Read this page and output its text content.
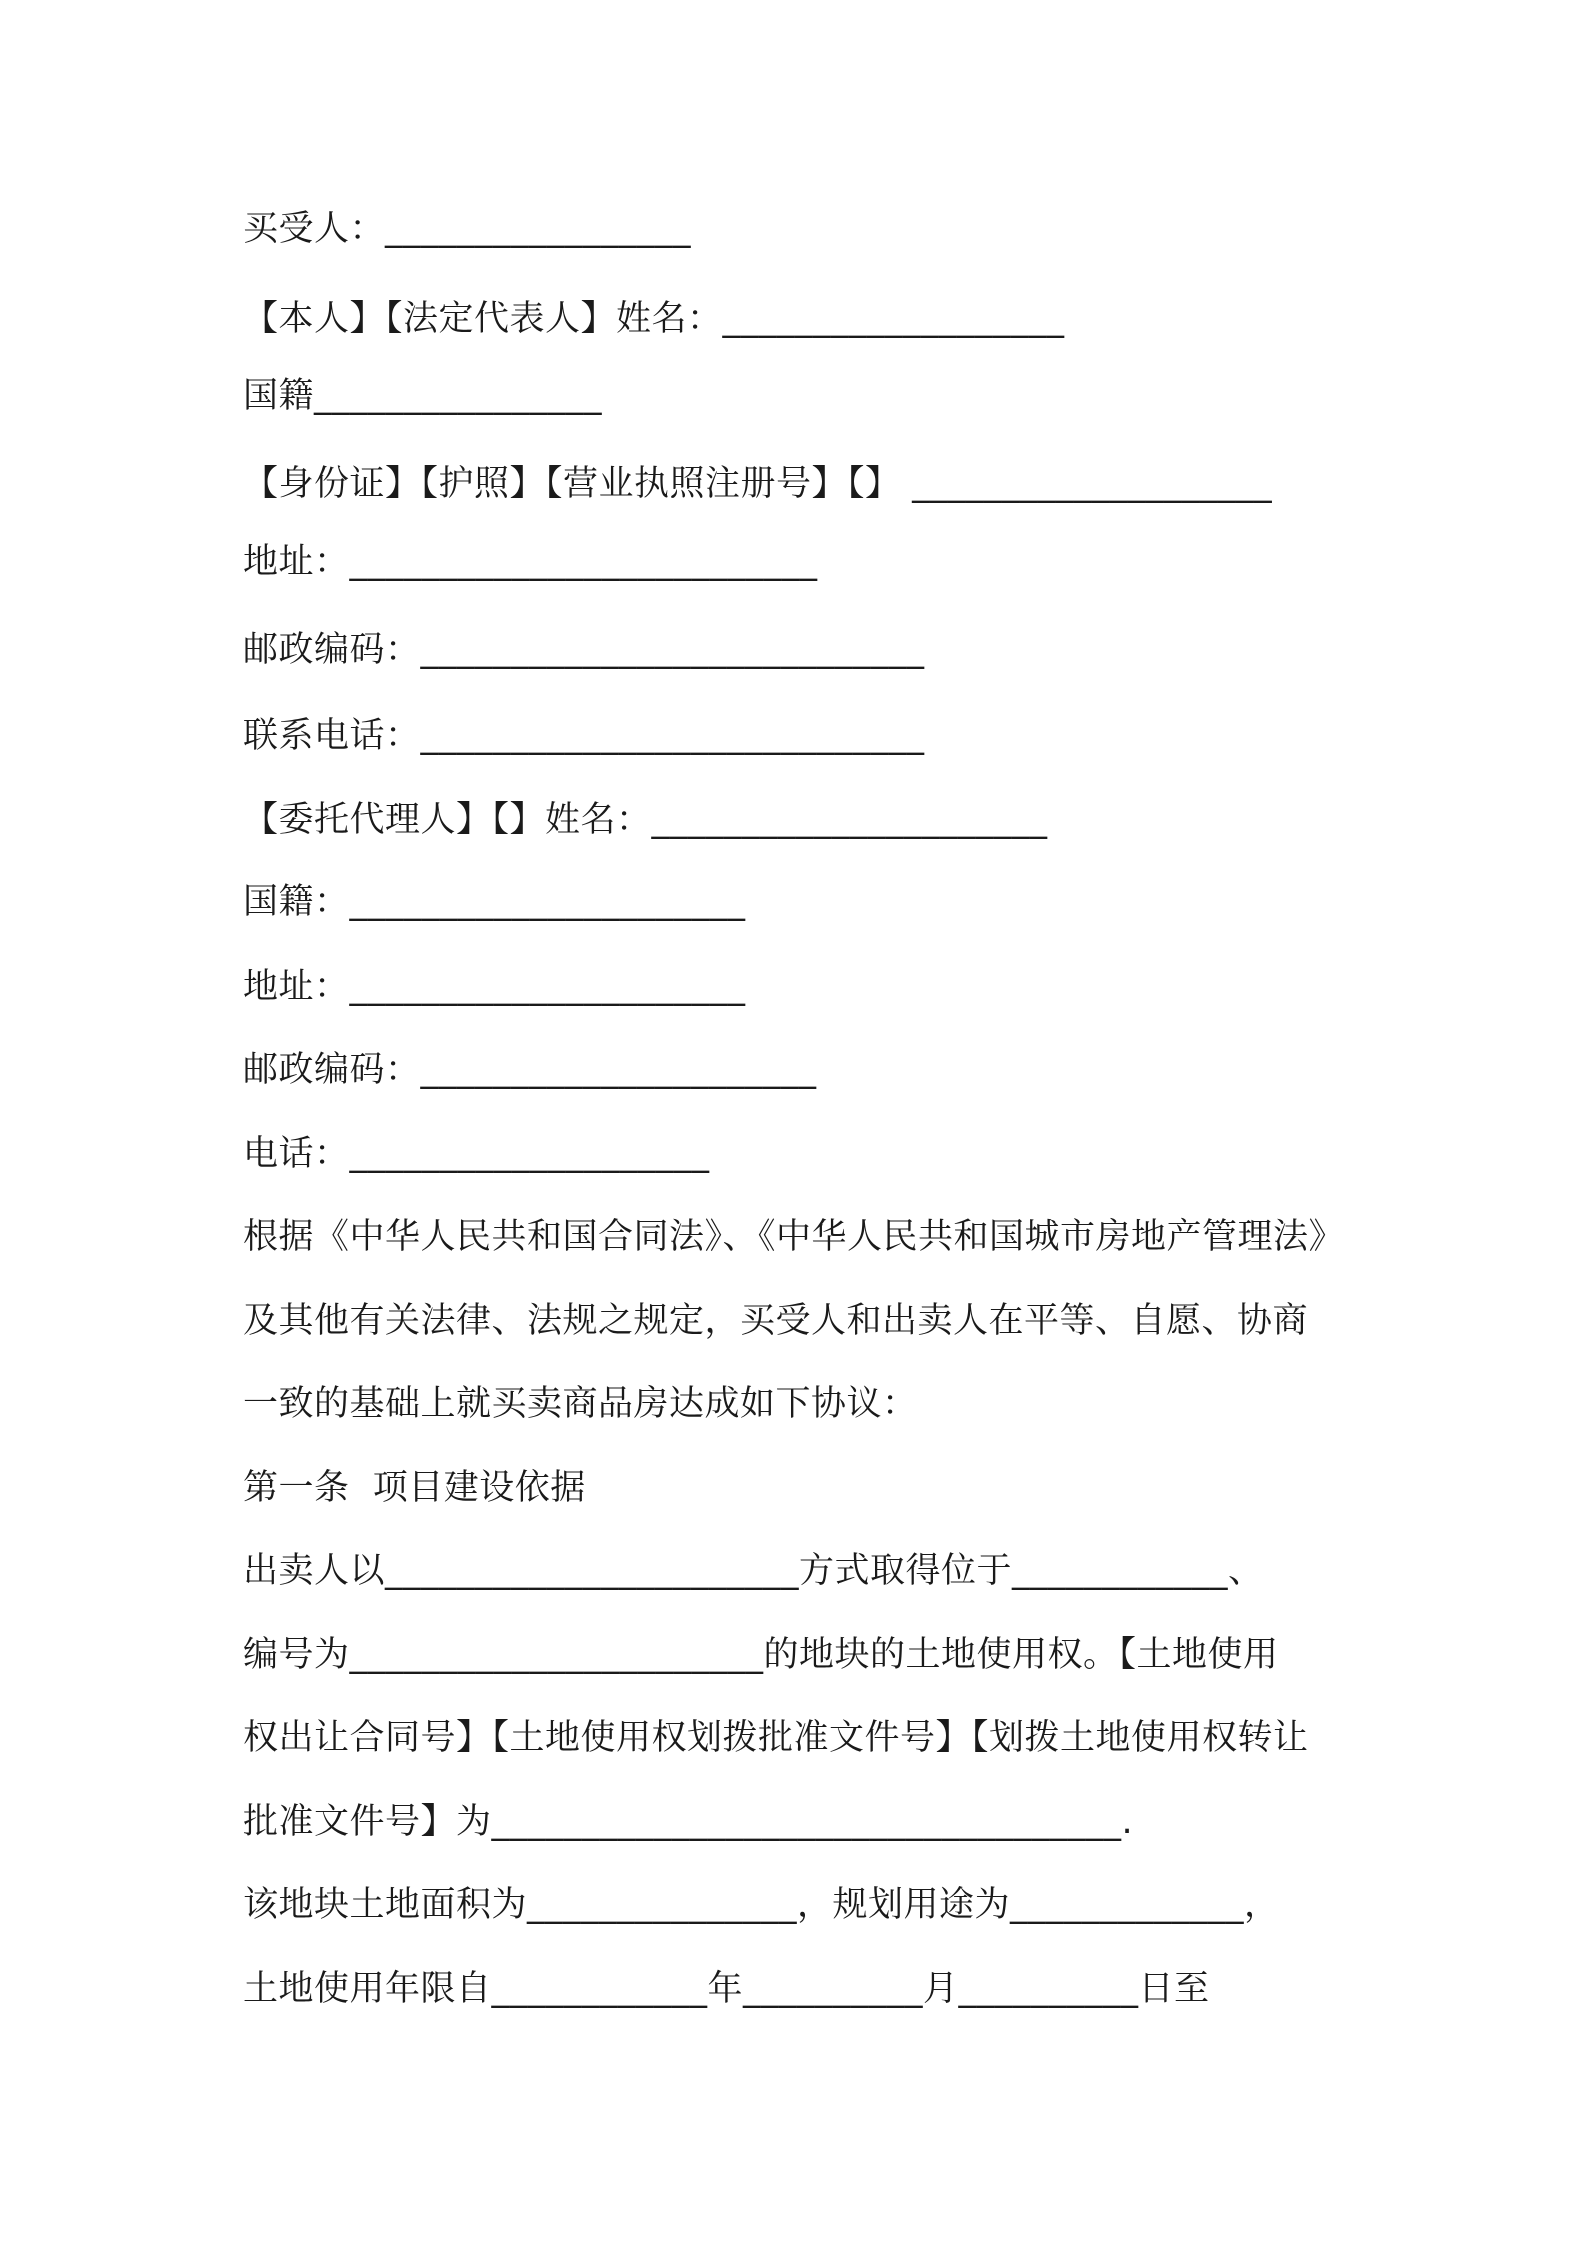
买受人：_________________
【本人】【法定代表人】姓名：___________________
国籍________________
【身份证】【护照】【营业执照注册号】【】 ____________________
地址：__________________________
邮政编码：____________________________
联系电话：____________________________
【委托代理人】【】姓名：______________________
国籍：______________________
地址：______________________
邮政编码：______________________
电话：____________________
根据《中华人民共和国合同法》、《中华人民共和国城市房地产管理法》
及其他有关法律、法规之规定，买受人和出卖人在平等、自愿、协商
一致的基础上就买卖商品房达成如下协议：
第一条  项目建设依据
出卖人以_______________________方式取得位于____________、
编号为_______________________的地块的土地使用权。【土地使用
权出让合同号】【土地使用权划拨批准文件号】【划拨土地使用权转让
批准文件号】为___________________________________.
该地块土地面积为_______________，规划用途为_____________，
土地使用年限自____________年__________月__________日至
